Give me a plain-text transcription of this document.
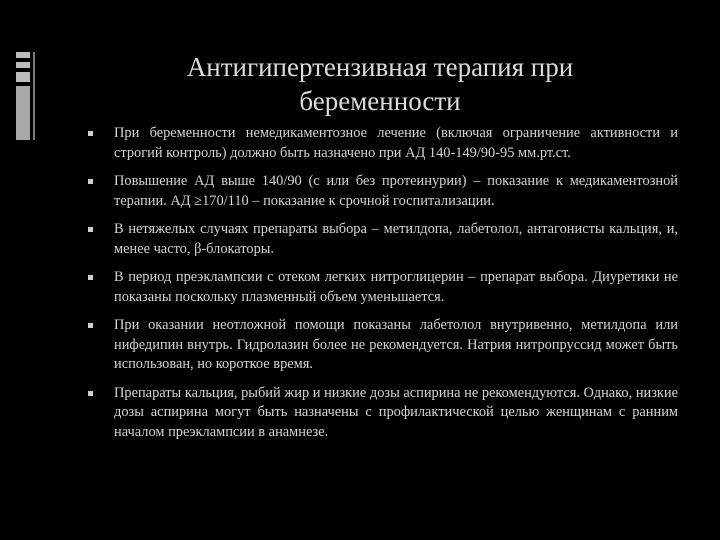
Антигипертензивная терапия при беременности
При беременности немедикаментозное лечение (включая ограничение активности и строгий контроль) должно быть назначено при АД 140-149/90-95 мм.рт.ст.
Повышение АД выше 140/90 (с или без протеинурии) – показание к медикаментозной терапии. АД ≥170/110 – показание к срочной госпитализации.
В нетяжелых случаях препараты выбора – метилдопа, лабетолол, антагонисты кальция, и, менее часто, β-блокаторы.
В период преэклампсии с отеком легких нитроглицерин – препарат выбора. Диуретики не показаны поскольку плазменный объем уменьшается.
При оказании неотложной помощи показаны лабетолол внутривенно, метилдопа или нифедипин внутрь. Гидролазин более не рекомендуется. Натрия нитропруссид может быть использован, но короткое время.
Препараты кальция, рыбий жир и низкие дозы аспирина не рекомендуются. Однако, низкие дозы аспирина могут быть назначены с профилактической целью женщинам с ранним началом преэклампсии в анамнезе.
